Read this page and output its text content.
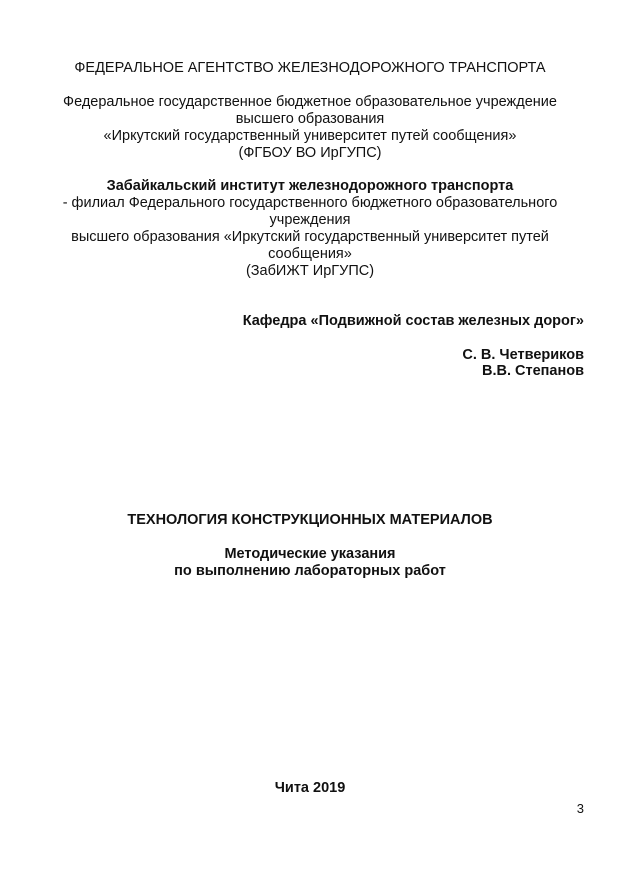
ФЕДЕРАЛЬНОЕ АГЕНТСТВО ЖЕЛЕЗНОДОРОЖНОГО ТРАНСПОРТА
Федеральное государственное бюджетное образовательное учреждение
высшего образования
«Иркутский государственный университет путей сообщения»
(ФГБОУ ВО ИрГУПС)
Забайкальский институт железнодорожного транспорта
- филиал Федерального государственного бюджетного образовательного
учреждения
высшего образования «Иркутский государственный университет путей
сообщения»
(ЗабИЖТ ИрГУПС)
Кафедра «Подвижной состав железных дорог»
С. В. Четвериков
В.В. Степанов
ТЕХНОЛОГИЯ КОНСТРУКЦИОННЫХ МАТЕРИАЛОВ
Методические указания
по выполнению лабораторных работ
Чита 2019
3
